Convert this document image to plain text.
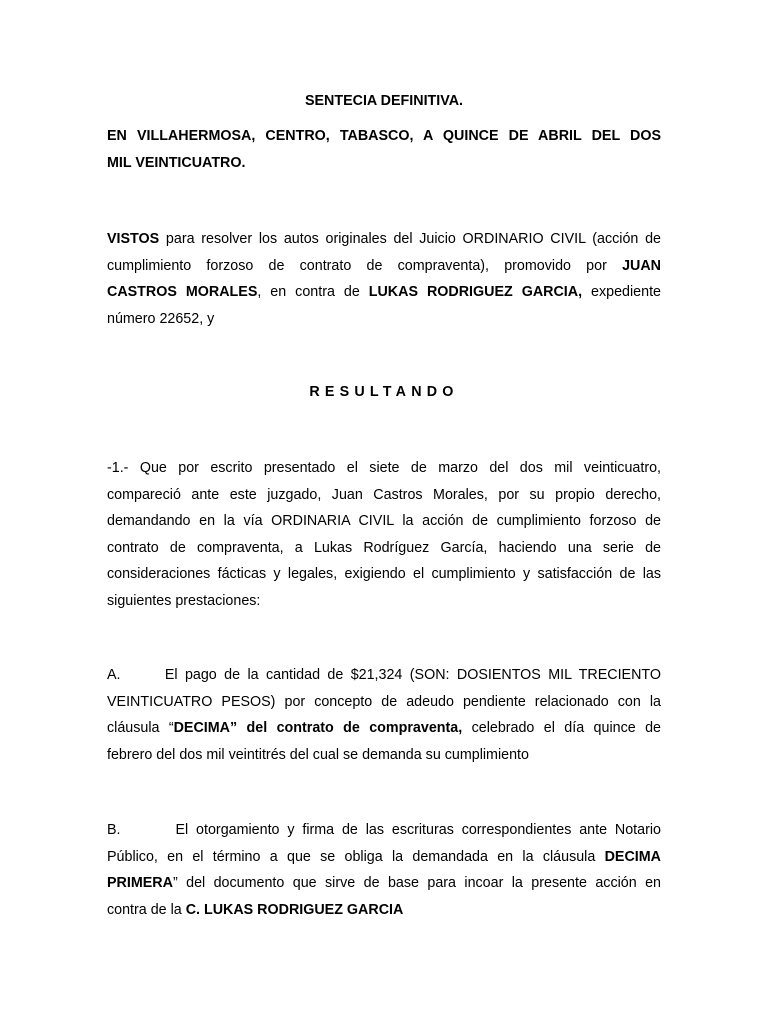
SENTECIA DEFINITIVA.
EN VILLAHERMOSA, CENTRO, TABASCO, A QUINCE DE ABRIL DEL DOS
MIL VEINTICUATRO.
VISTOS para resolver los autos originales del Juicio ORDINARIO CIVIL (acción de
cumplimiento forzoso de contrato de compraventa), promovido por JUAN
CASTROS MORALES, en contra de LUKAS RODRIGUEZ GARCIA, expediente
número 22652, y
RESULTANDO
-1.- Que por escrito presentado el siete de marzo del dos mil veinticuatro,
compareció ante este juzgado, Juan Castros Morales, por su propio derecho,
demandando en la vía ORDINARIA CIVIL la acción de cumplimiento forzoso de
contrato de compraventa, a Lukas Rodríguez García, haciendo una serie de
consideraciones fácticas y legales, exigiendo el cumplimiento y satisfacción de las
siguientes prestaciones:
A.      El pago de la cantidad de $21,324 (SON: DOSIENTOS MIL TRECIENTO
VEINTICUATRO PESOS) por concepto de adeudo pendiente relacionado con la
cláusula “DECIMA” del contrato de compraventa, celebrado el día quince de
febrero del dos mil veintitrés del cual se demanda su cumplimiento
B.       El otorgamiento y firma de las escrituras correspondientes ante Notario
Público, en el término a que se obliga la demandada en la cláusula DECIMA
PRIMERA” del documento que sirve de base para incoar la presente acción en
contra de la C. LUKAS RODRIGUEZ GARCIA
